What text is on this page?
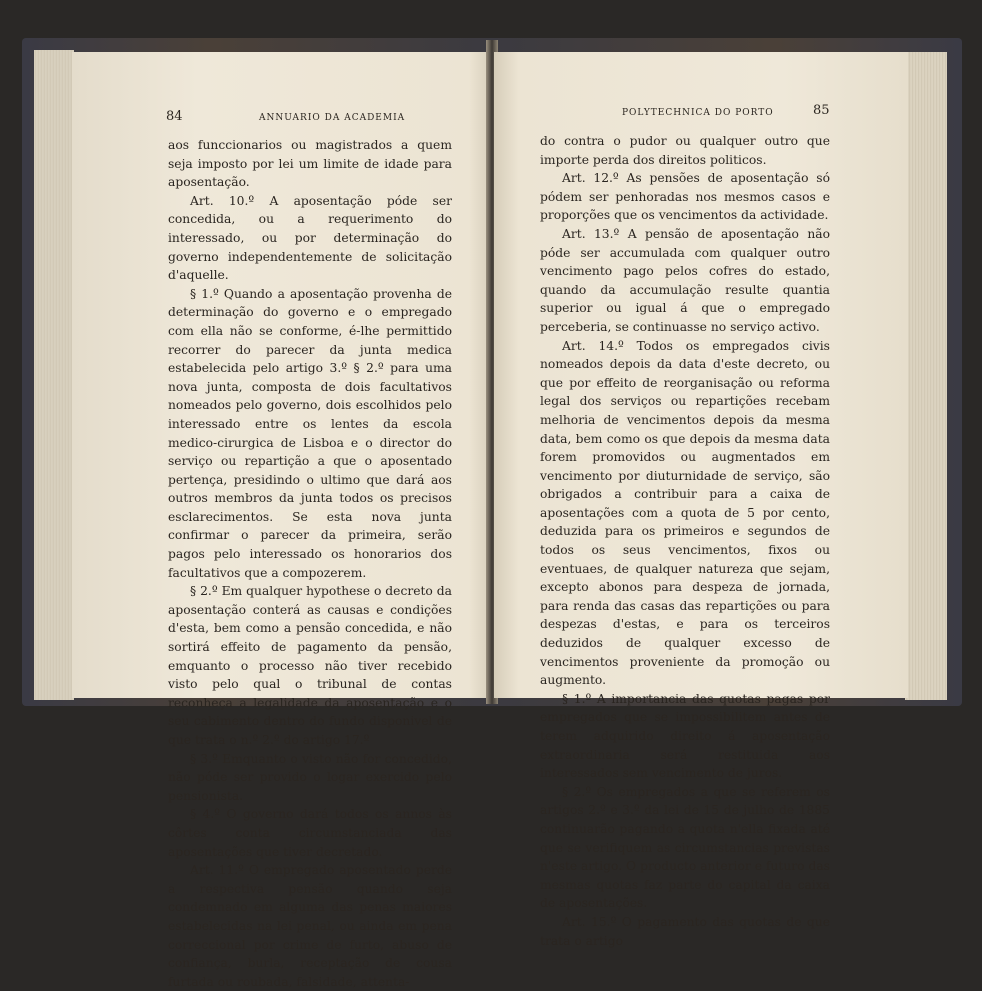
84	ANNUARIO DA ACADEMIA

aos funccionarios ou magistrados a quem seja imposto por lei um limite de idade para aposentação.

Art. 10.º A aposentação póde ser concedida, ou a requerimento do interessado, ou por determinação do governo independentemente de solicitação d'aquelle.

§ 1.º Quando a aposentação provenha de determinação do governo e o empregado com ella não se conforme, é-lhe permittido recorrer do parecer da junta medica estabelecida pelo artigo 3.º § 2.º para uma nova junta, composta de dois facultativos nomeados pelo governo, dois escolhidos pelo interessado entre os lentes da escola medico-cirurgica de Lisboa e o director do serviço ou repartição a que o aposentado pertença, presidindo o ultimo que dará aos outros membros da junta todos os precisos esclarecimentos. Se esta nova junta confirmar o parecer da primeira, serão pagos pelo interessado os honorarios dos facultativos que a compozerem.

§ 2.º Em qualquer hypothese o decreto da aposentação conterá as causas e condições d'esta, bem como a pensão concedida, e não sortirá effeito de pagamento da pensão, emquanto o processo não tiver recebido visto pelo qual o tribunal de contas reconheça a legalidade da aposentação e o seu cabimento dentro do fundo disponivel de que trata o n.º 2.º do artigo 17.º

§ 3.º Emquanto o visto não for concedido, não póde ser provido o logar exercido pelo pensionista.

§ 4.º O governo dará todos os annos às côrtes conta circumstanciada das aposentações que tiver decretado.

Art. 11.º O empregado aposentado perde a respectiva pensão quando seja condemnado em alguma das penas maiores estabelecidas na lei penal, ou ainda em pena correccional por crime de furto, abuso de confiança, burla, receptação de cousa furtada ou roubada, falsidade, attenta-

POLYTECHNICA DO PORTO	85

do contra o pudor ou qualquer outro que importe perda dos direitos politicos.

Art. 12.º As pensões de aposentação só pódem ser penhoradas nos mesmos casos e proporções que os vencimentos da actividade.

Art. 13.º A pensão de aposentação não póde ser accumulada com qualquer outro vencimento pago pelos cofres do estado, quando da accumulação resulte quantia superior ou igual á que o empregado perceberia, se continuasse no serviço activo.

Art. 14.º Todos os empregados civis nomeados depois da data d'este decreto, ou que por effeito de reorganisação ou reforma legal dos serviços ou repartições recebam melhoria de vencimentos depois da mesma data, bem como os que depois da mesma data forem promovidos ou augmentados em vencimento por diuturnidade de serviço, são obrigados a contribuir para a caixa de aposentações com a quota de 5 por cento, deduzida para os primeiros e segundos de todos os seus vencimentos, fixos ou eventuaes, de qualquer natureza que sejam, excepto abonos para despeza de jornada, para renda das casas das repartições ou para despezas d'estas, e para os terceiros deduzidos de qualquer excesso de vencimentos proveniente da promoção ou augmento.

§ 1.º A importancia das quotas pagas por empregados que se impossibilitem antes de terem adquirido direito á aposentação extraordinaria será restituida aos interessados sem vencimento de juros.

§ 2.º Os empregados a que se referem os artigos 2.º e 3.º da lei de 15 de julho de 1885 continuarão pagando a quota n'ella fixada até que se verifiquem as circumstancias previstas n'este artigo. O producto anterior e futuro das mesmas quotas faz parte do capital da caixa de aposentações.

Art. 15.º O pagamento das quotas de que trata o artigo
